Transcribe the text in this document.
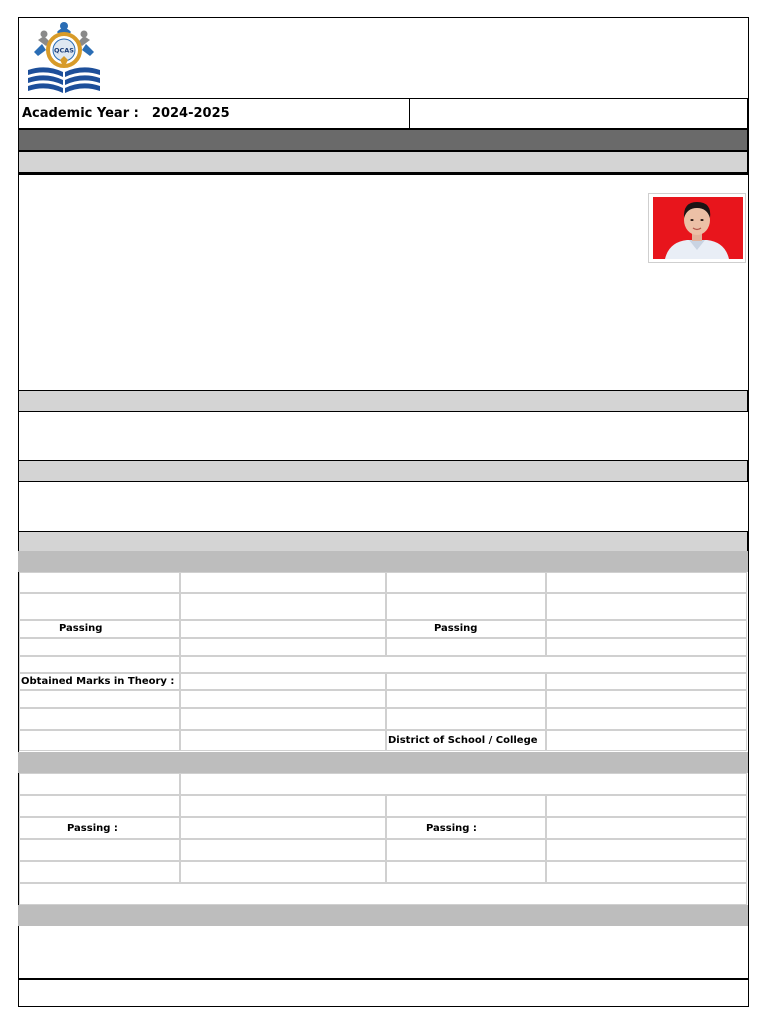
QCAS
Academic Year : 2024-2025
Passing	Passing
Obtained Marks in Theory :
District of School / College
Passing :	Passing :
